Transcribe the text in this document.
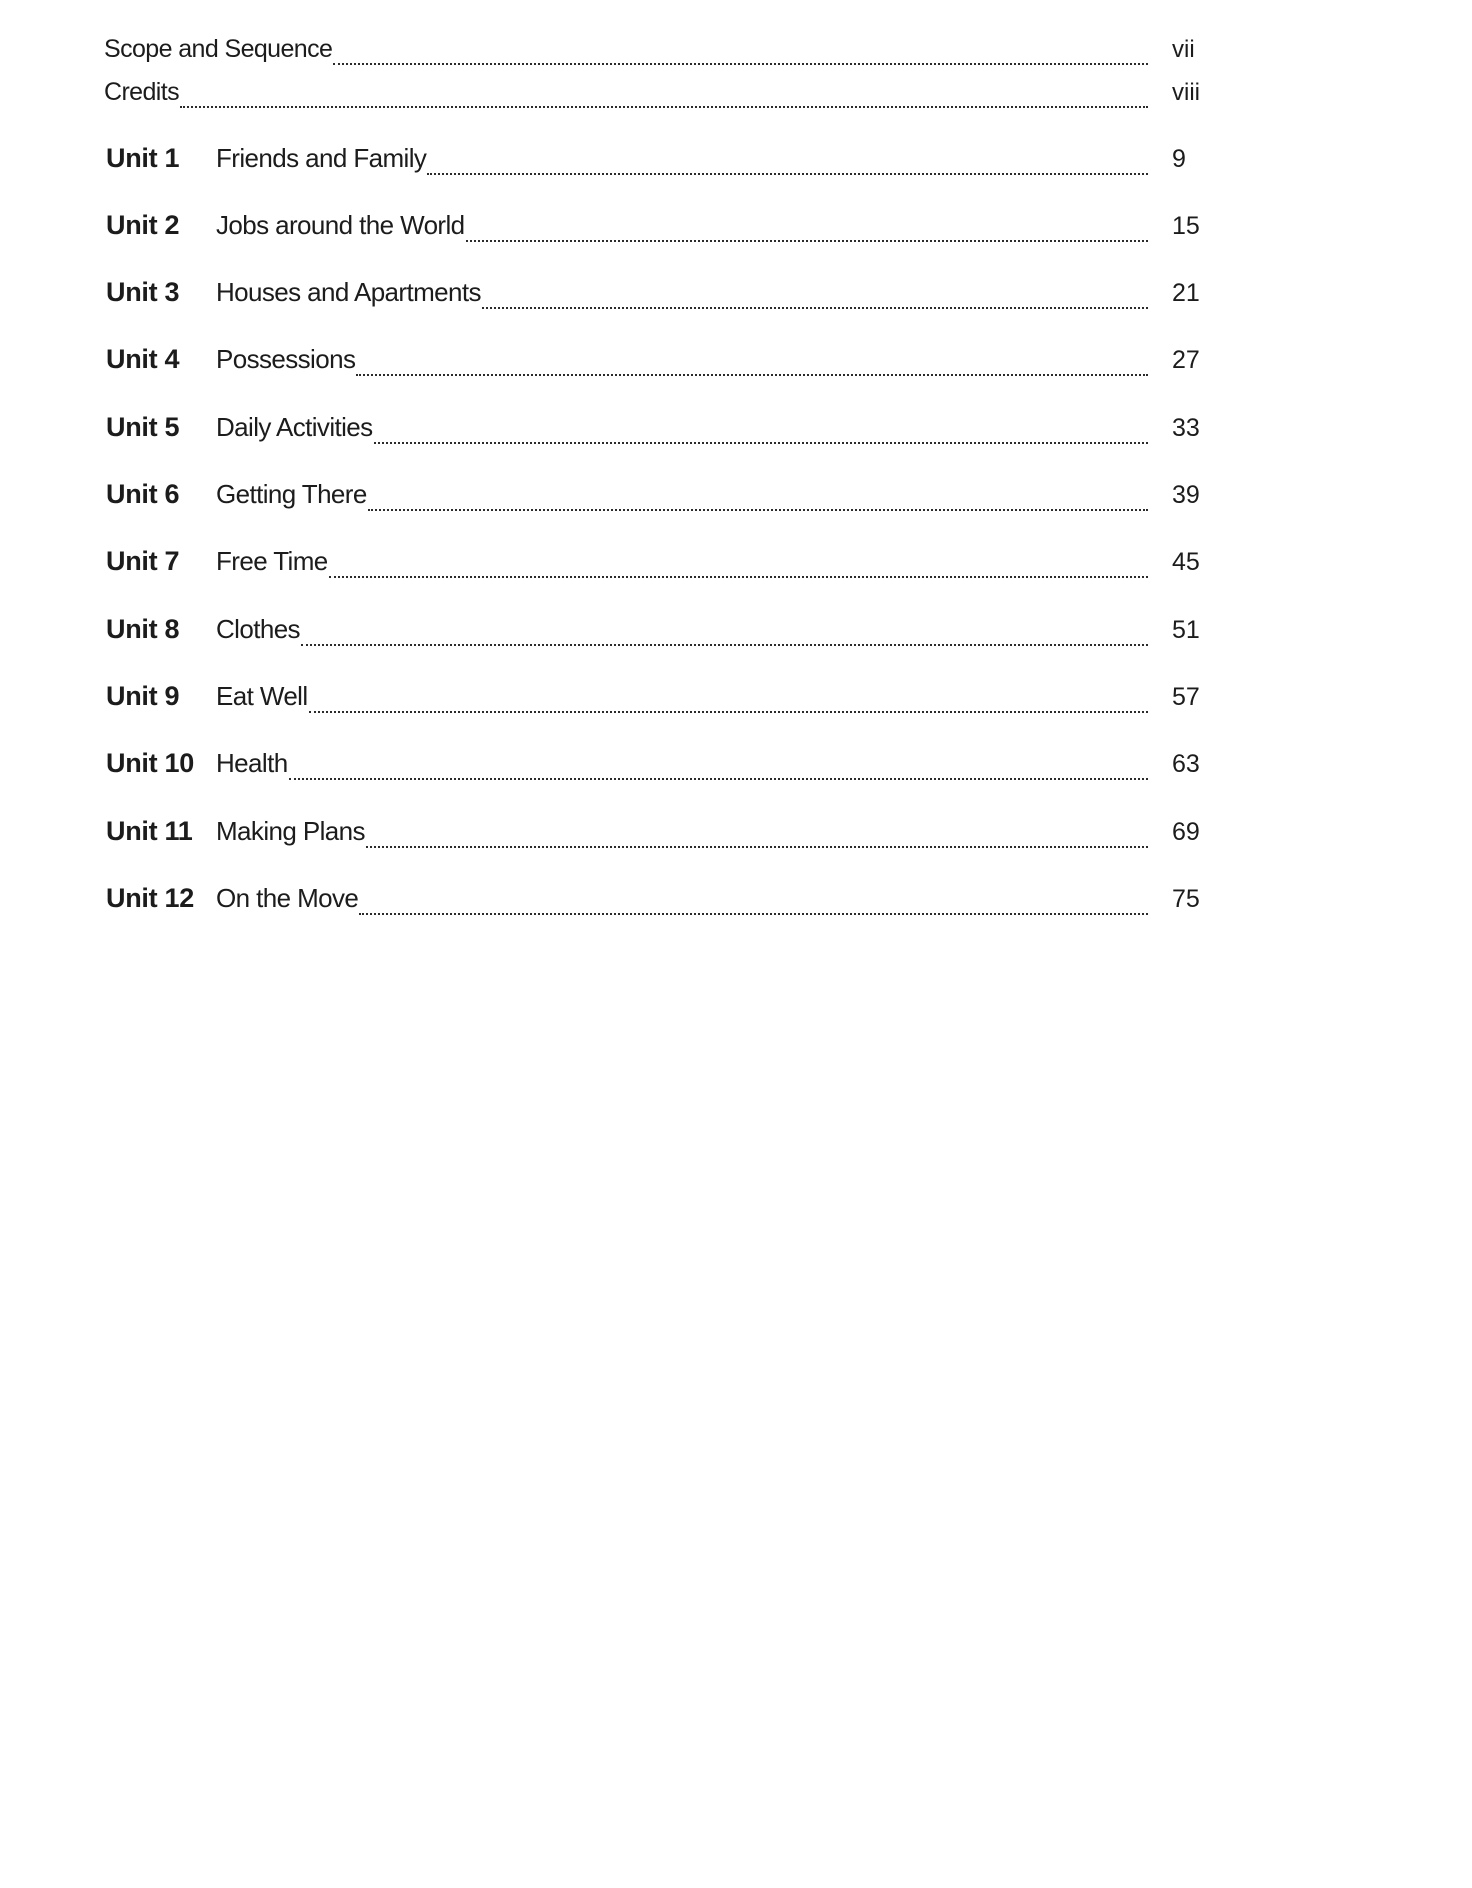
Scope and Sequence	vii
Credits	viii
Unit 1	Friends and Family	9
Unit 2	Jobs around the World	15
Unit 3	Houses and Apartments	21
Unit 4	Possessions	27
Unit 5	Daily Activities	33
Unit 6	Getting There	39
Unit 7	Free Time	45
Unit 8	Clothes	51
Unit 9	Eat Well	57
Unit 10 Health	63
Unit 11 Making Plans	69
Unit 12 On the Move	75
